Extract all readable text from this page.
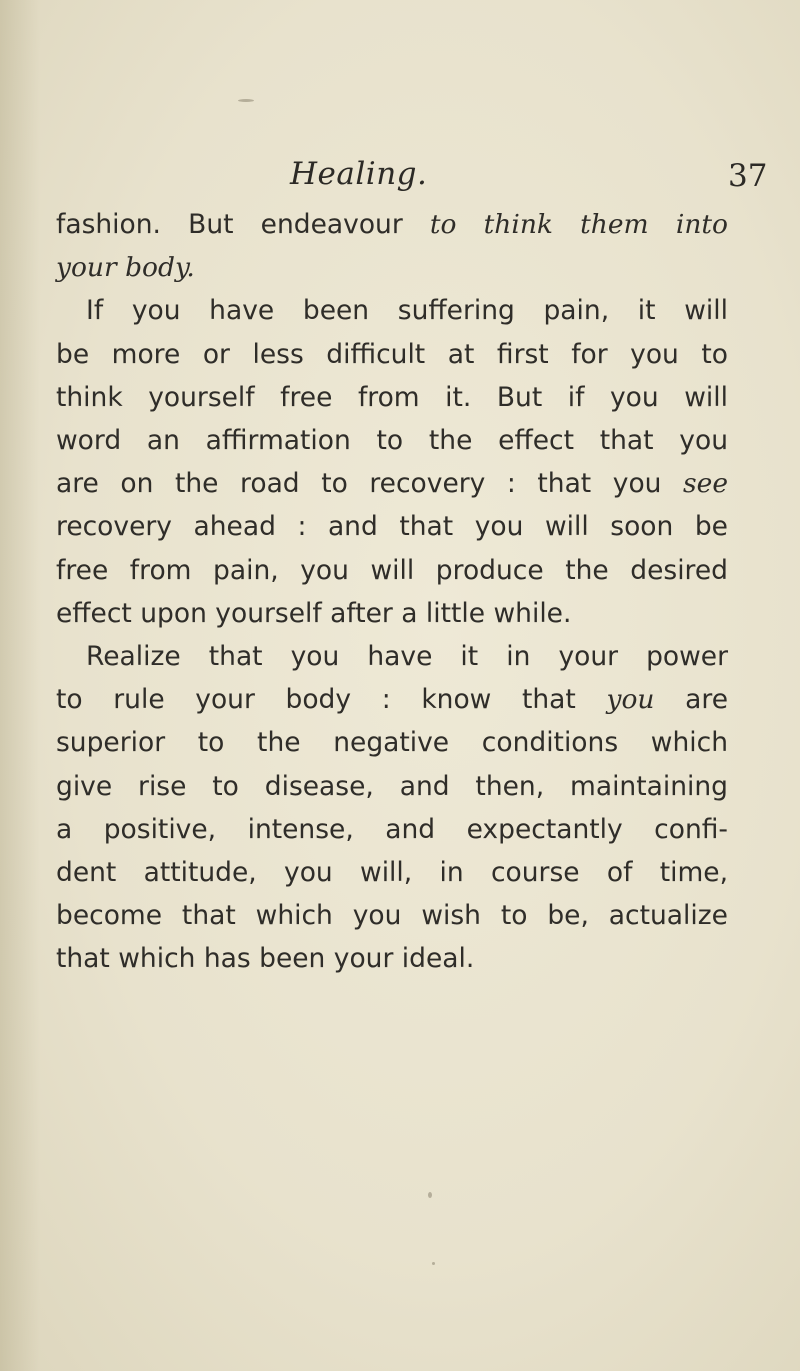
Healing.	37
fashion. But endeavour to think them into
your body.
If you have been suffering pain, it will
be more or less difficult at first for you to
think yourself free from it. But if you will
word an affirmation to the effect that you
are on the road to recovery : that you see
recovery ahead : and that you will soon be
free from pain, you will produce the desired
effect upon yourself after a little while.
Realize that you have it in your power
to rule your body : know that you are
superior to the negative conditions which
give rise to disease, and then, maintaining
a positive, intense, and expectantly confi-
dent attitude, you will, in course of time,
become that which you wish to be, actualize
that which has been your ideal.
